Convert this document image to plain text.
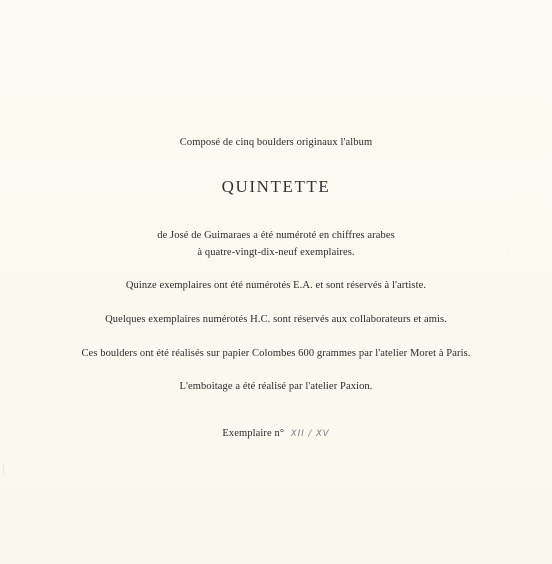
Composé de cinq boulders originaux l'album
QUINTETTE
de José de Guimaraes a été numéroté en chiffres arabes
à quatre-vingt-dix-neuf exemplaires.
Quinze exemplaires ont été numérotés E.A. et sont réservés à l'artiste.
Quelques exemplaires numérotés H.C. sont réservés aux collaborateurs et amis.
Ces boulders ont été réalisés sur papier Colombes 600 grammes par l'atelier Moret à Paris.
L'emboitage a été réalisé par l'atelier Paxion.
Exemplaire n° XII / XV
